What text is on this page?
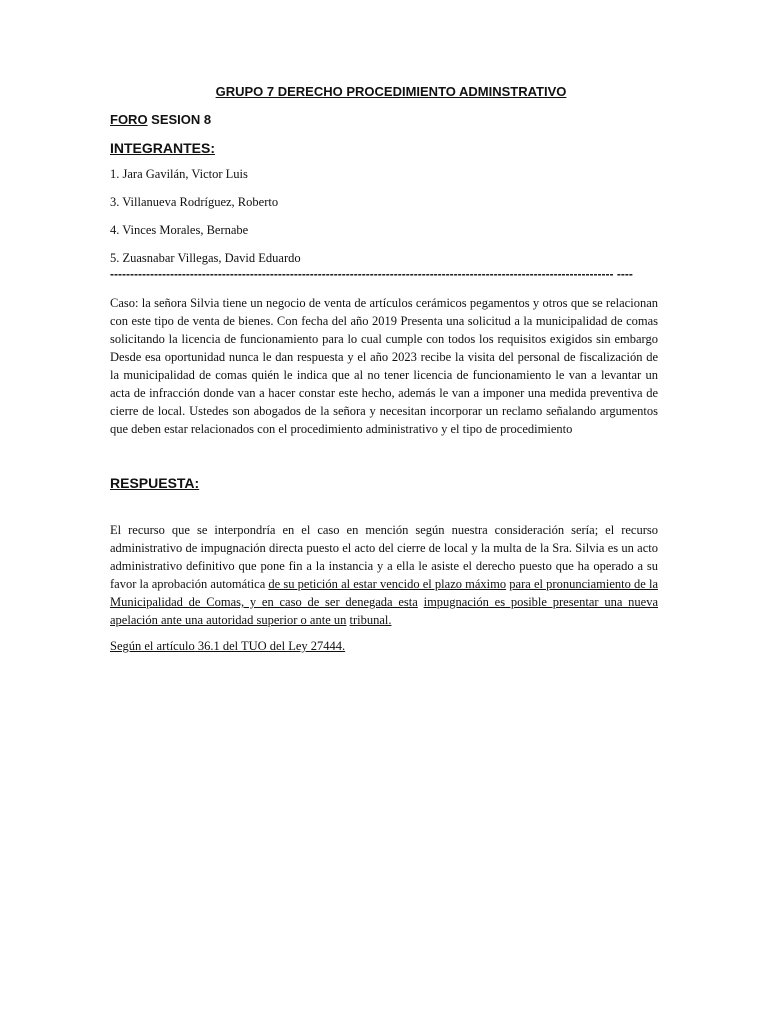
GRUPO 7 DERECHO PROCEDIMIENTO ADMINSTRATIVO

FORO SESION 8

INTEGRANTES:

1. Jara Gavilán, Victor Luis
3. Villanueva Rodríguez, Roberto
4. Vinces Morales, Bernabe
5. Zuasnabar Villegas, David Eduardo
------------------------------------------------------------------------------------------------------------------------------ ----

Caso: la señora Silvia tiene un negocio de venta de artículos cerámicos pegamentos y otros que se relacionan con este tipo de venta de bienes. Con fecha del año 2019 Presenta una solicitud a la municipalidad de comas solicitando la licencia de funcionamiento para lo cual cumple con todos los requisitos exigidos sin embargo Desde esa oportunidad nunca le dan respuesta y el año 2023 recibe la visita del personal de fiscalización de la municipalidad de comas quién le indica que al no tener licencia de funcionamiento le van a levantar un acta de infracción donde van a hacer constar este hecho, además le van a imponer una medida preventiva de cierre de local. Ustedes son abogados de la señora y necesitan incorporar un reclamo señalando argumentos que deben estar relacionados con el procedimiento administrativo y el tipo de procedimiento

RESPUESTA:

El recurso que se interpondría en el caso en mención según nuestra consideración sería; el recurso administrativo de impugnación directa puesto el acto del cierre de local y la multa de la Sra. Silvia es un acto administrativo definitivo que pone fin a la instancia y a ella le asiste el derecho puesto que ha operado a su favor la aprobación automática de su petición al estar vencido el plazo máximo para el pronunciamiento de la Municipalidad de Comas, y en caso de ser denegada esta impugnación es posible presentar una nueva apelación ante una autoridad superior o ante un tribunal.

Según el artículo 36.1 del TUO del Ley 27444.
